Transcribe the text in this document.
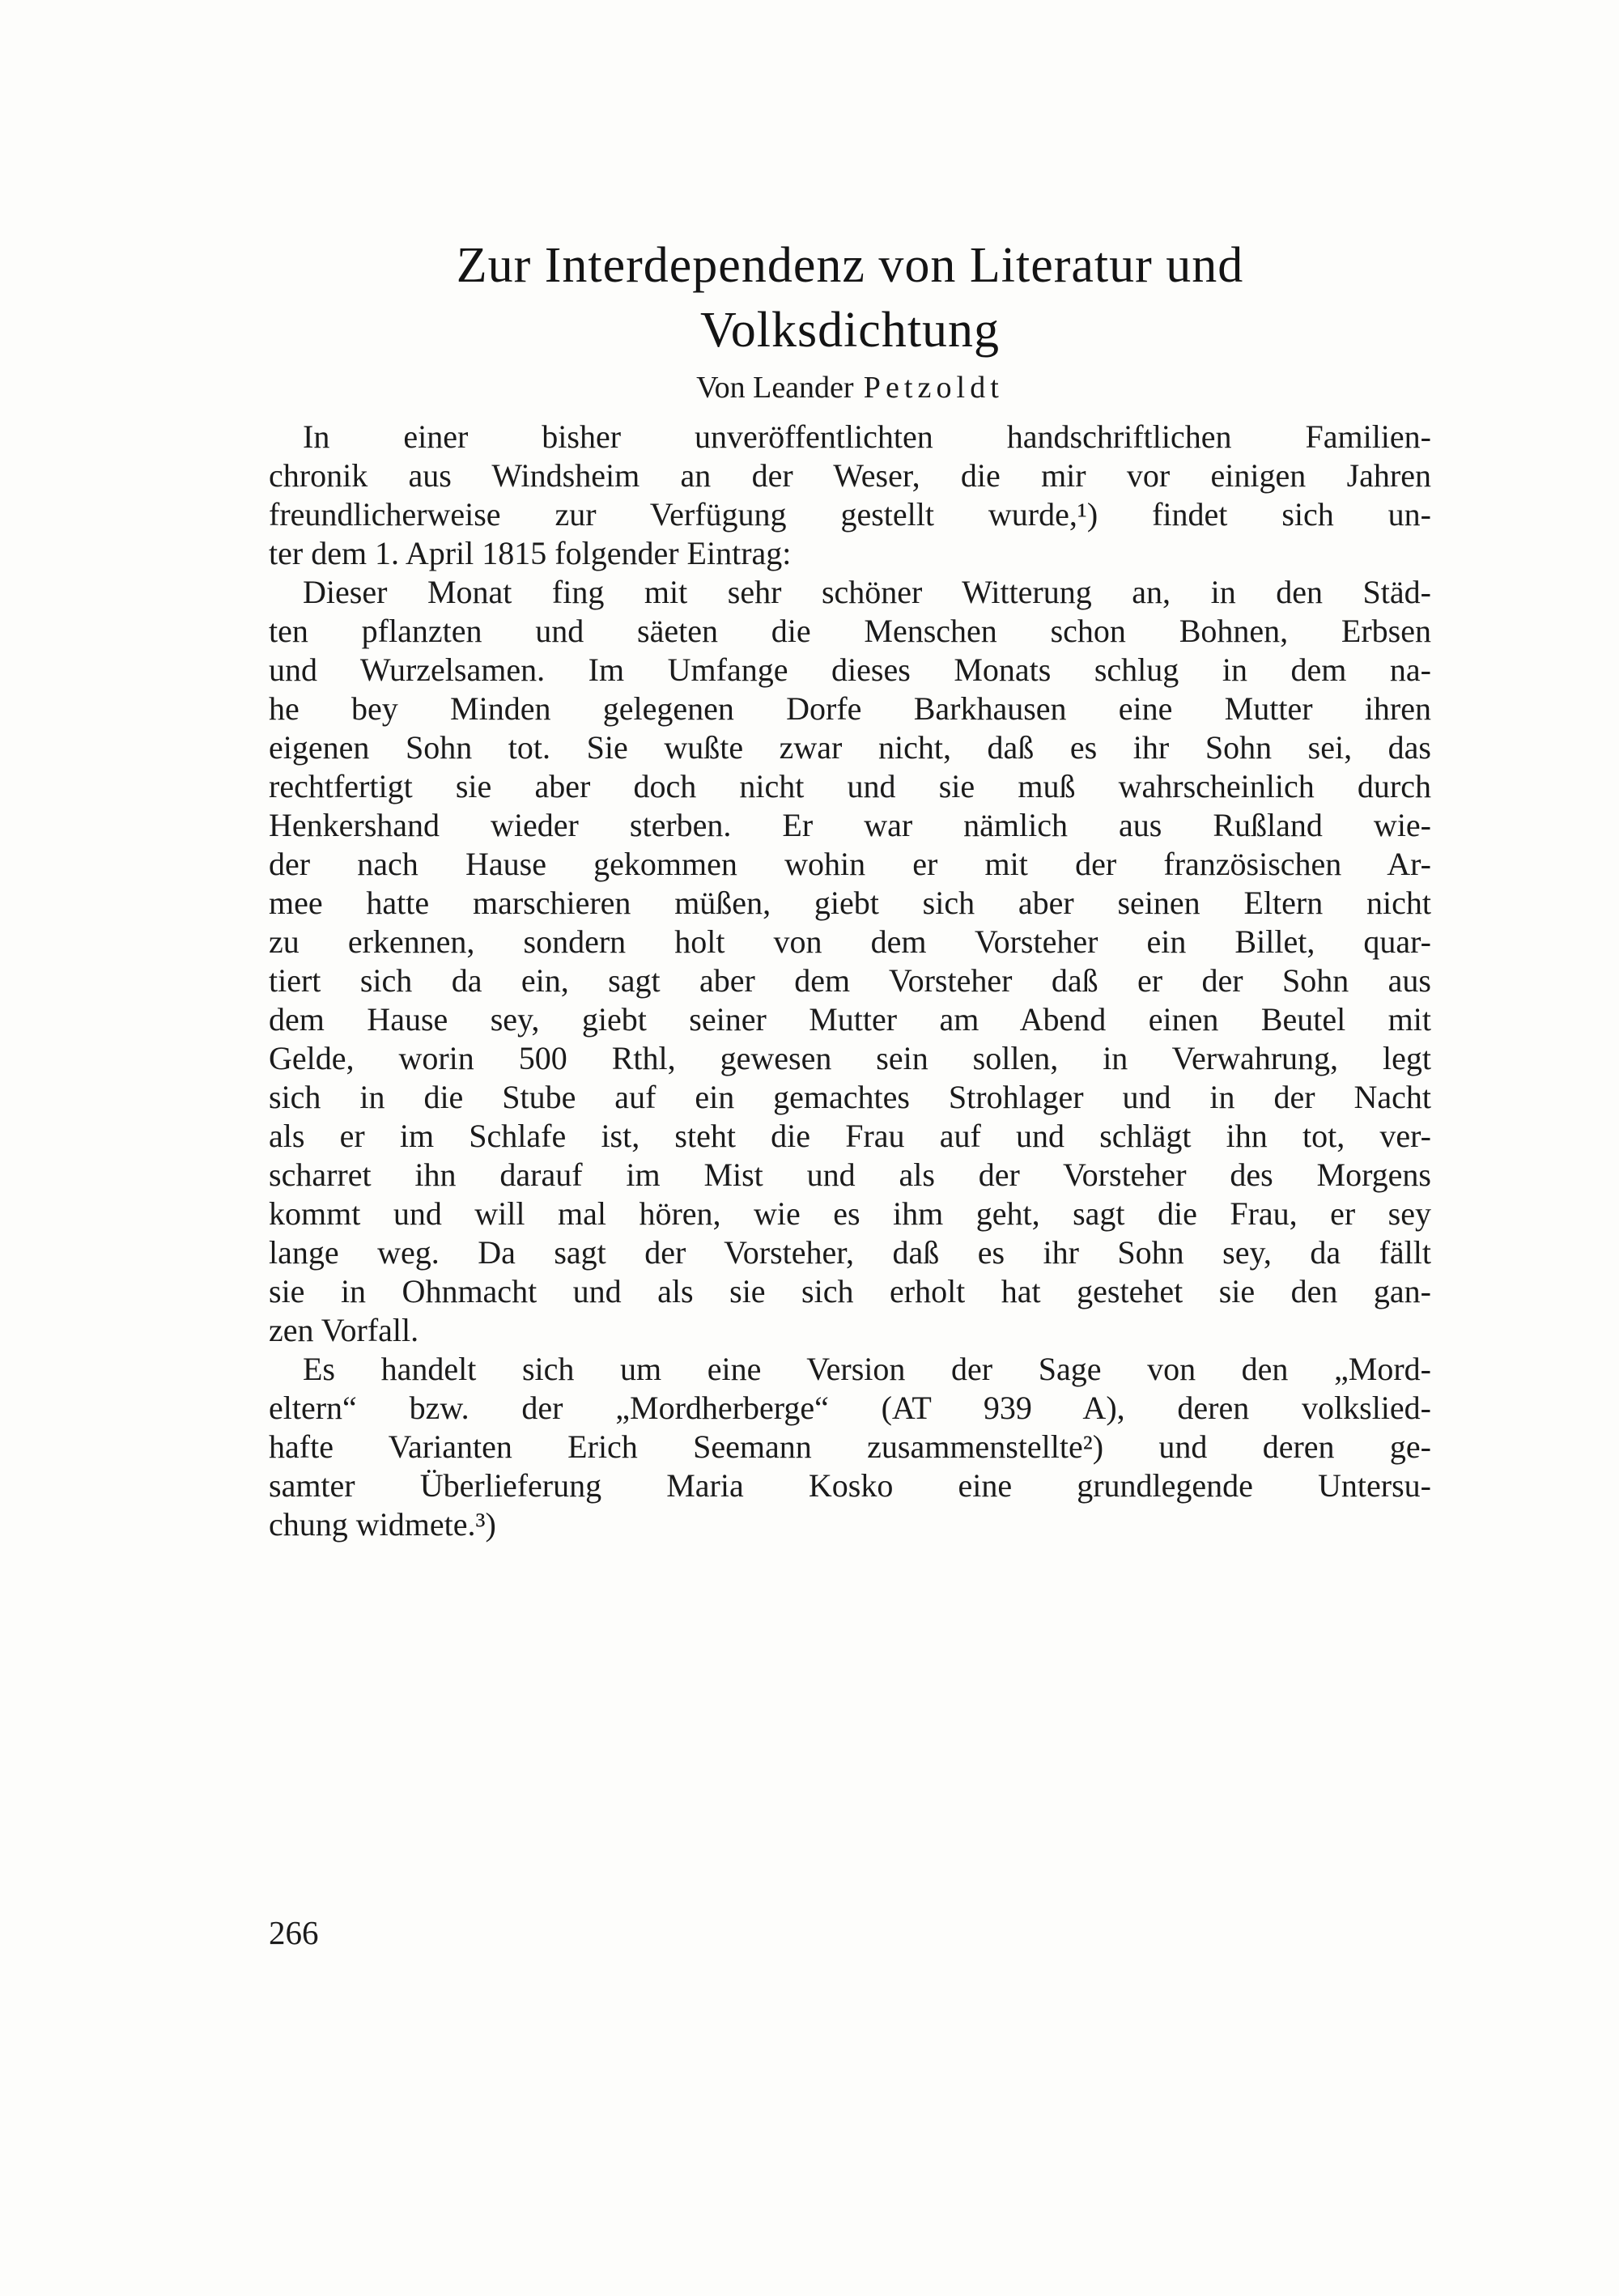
Zur Interdependenz von Literatur und
Volksdichtung
Von Leander Petzoldt
In einer bisher unveröffentlichten handschriftlichen Familien-
chronik aus Windsheim an der Weser, die mir vor einigen Jahren
freundlicherweise zur Verfügung gestellt wurde,¹) findet sich un-
ter dem 1. April 1815 folgender Eintrag:
Dieser Monat fing mit sehr schöner Witterung an, in den Städ-
ten pflanzten und säeten die Menschen schon Bohnen, Erbsen
und Wurzelsamen. Im Umfange dieses Monats schlug in dem na-
he bey Minden gelegenen Dorfe Barkhausen eine Mutter ihren
eigenen Sohn tot. Sie wußte zwar nicht, daß es ihr Sohn sei, das
rechtfertigt sie aber doch nicht und sie muß wahrscheinlich durch
Henkershand wieder sterben. Er war nämlich aus Rußland wie-
der nach Hause gekommen wohin er mit der französischen Ar-
mee hatte marschieren müßen, giebt sich aber seinen Eltern nicht
zu erkennen, sondern holt von dem Vorsteher ein Billet, quar-
tiert sich da ein, sagt aber dem Vorsteher daß er der Sohn aus
dem Hause sey, giebt seiner Mutter am Abend einen Beutel mit
Gelde, worin 500 Rthl, gewesen sein sollen, in Verwahrung, legt
sich in die Stube auf ein gemachtes Strohlager und in der Nacht
als er im Schlafe ist, steht die Frau auf und schlägt ihn tot, ver-
scharret ihn darauf im Mist und als der Vorsteher des Morgens
kommt und will mal hören, wie es ihm geht, sagt die Frau, er sey
lange weg. Da sagt der Vorsteher, daß es ihr Sohn sey, da fällt
sie in Ohnmacht und als sie sich erholt hat gestehet sie den gan-
zen Vorfall.
Es handelt sich um eine Version der Sage von den „Mord-
eltern“ bzw. der „Mordherberge“ (AT 939 A), deren volkslied-
hafte Varianten Erich Seemann zusammenstellte²) und deren ge-
samter Überlieferung Maria Kosko eine grundlegende Untersu-
chung widmete.³)
266
